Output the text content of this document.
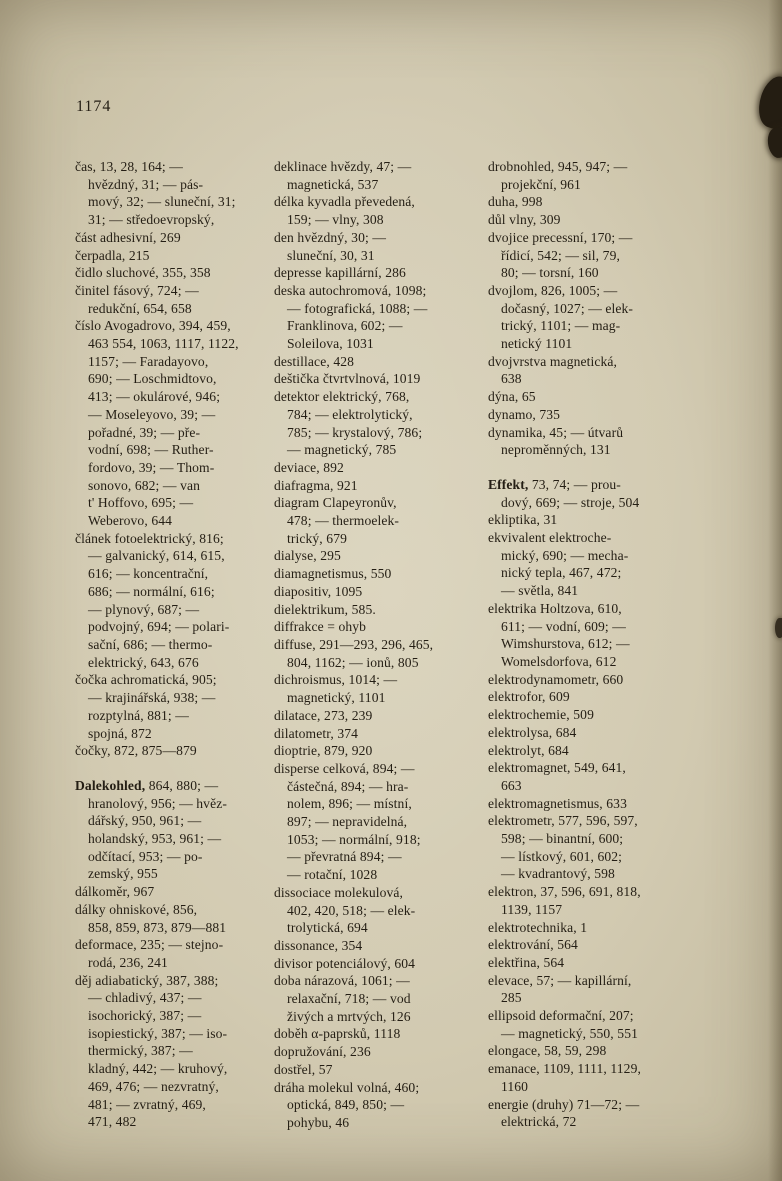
1174
čas, 13, 28, 164; —
hvězdný, 31; — pás-
mový, 32; — sluneční, 31;
31; — středoevropský,
část adhesivní, 269
čerpadla, 215
čidlo sluchové, 355, 358
činitel fásový, 724; —
redukční, 654, 658
číslo Avogadrovo, 394, 459,
463 554, 1063, 1117, 1122,
1157; — Faradayovo,
690; — Loschmidtovo,
413; — okulárové, 946;
— Moseleyovo, 39; —
pořadné, 39; — pře-
vodní, 698; — Ruther-
fordovo, 39; — Thom-
sonovo, 682; — van
t' Hoffovo, 695; —
Weberovo, 644
článek fotoelektrický, 816;
— galvanický, 614, 615,
616; — koncentrační,
686; — normální, 616;
— plynový, 687; —
podvojný, 694; — polari-
sační, 686; — thermo-
elektrický, 643, 676
čočka achromatická, 905;
— krajinářská, 938; —
rozptylná, 881; —
spojná, 872
čočky, 872, 875—879
Dalekohled, 864, 880; —
hranolový, 956; — hvěz-
dářský, 950, 961; —
holandský, 953, 961; —
odčítací, 953; — po-
zemský, 955
dálkoměr, 967
dálky ohniskové, 856,
858, 859, 873, 879—881
deformace, 235; — stejno-
rodá, 236, 241
děj adiabatický, 387, 388;
— chladivý, 437; —
isochorický, 387; —
isopiestický, 387; — iso-
thermický, 387; —
kladný, 442; — kruhový,
469, 476; — nezvratný,
481; — zvratný, 469,
471, 482
deklinace hvězdy, 47; —
magnetická, 537
délka kyvadla převedená,
159; — vlny, 308
den hvězdný, 30; —
sluneční, 30, 31
depresse kapillární, 286
deska autochromová, 1098;
— fotografická, 1088; —
Franklinova, 602; —
Soleilova, 1031
destillace, 428
deštička čtvrtvlnová, 1019
detektor elektrický, 768,
784; — elektrolytický,
785; — krystalový, 786;
— magnetický, 785
deviace, 892
diafragma, 921
diagram Clapeyronův,
478; — thermoelek-
trický, 679
dialyse, 295
diamagnetismus, 550
diapositiv, 1095
dielektrikum, 585.
diffrakce = ohyb
diffuse, 291—293, 296, 465,
804, 1162; — ionů, 805
dichroismus, 1014; —
magnetický, 1101
dilatace, 273, 239
dilatometr, 374
dioptrie, 879, 920
disperse celková, 894; —
částečná, 894; — hra-
nolem, 896; — místní,
897; — nepravidelná,
1053; — normální, 918;
— převratná 894; —
— rotační, 1028
dissociace molekulová,
402, 420, 518; — elek-
trolytická, 694
dissonance, 354
divisor potenciálový, 604
doba nárazová, 1061; —
relaxační, 718; — vod
živých a mrtvých, 126
doběh α-paprsků, 1118
dopružování, 236
dostřel, 57
dráha molekul volná, 460;
optická, 849, 850; —
pohybu, 46
drobnohled, 945, 947; —
projekční, 961
duha, 998
důl vlny, 309
dvojice precessní, 170; —
řídicí, 542; — sil, 79,
80; — torsní, 160
dvojlom, 826, 1005; —
dočasný, 1027; — elek-
trický, 1101; — mag-
netický 1101
dvojvrstva magnetická,
638
dýna, 65
dynamo, 735
dynamika, 45; — útvarů
neproměnných, 131
Effekt, 73, 74; — prou-
dový, 669; — stroje, 504
ekliptika, 31
ekvivalent elektroche-
mický, 690; — mecha-
nický tepla, 467, 472;
— světla, 841
elektrika Holtzova, 610,
611; — vodní, 609; —
Wimshurstova, 612; —
Womelsdorfova, 612
elektrodynamometr, 660
elektrofor, 609
elektrochemie, 509
elektrolysa, 684
elektrolyt, 684
elektromagnet, 549, 641,
663
elektromagnetismus, 633
elektrometr, 577, 596, 597,
598; — binantní, 600;
— lístkový, 601, 602;
— kvadrantový, 598
elektron, 37, 596, 691, 818,
1139, 1157
elektrotechnika, 1
elektrování, 564
elektřina, 564
elevace, 57; — kapillární,
285
ellipsoid deformační, 207;
— magnetický, 550, 551
elongace, 58, 59, 298
emanace, 1109, 1111, 1129,
1160
energie (druhy) 71—72; —
elektrická, 72
